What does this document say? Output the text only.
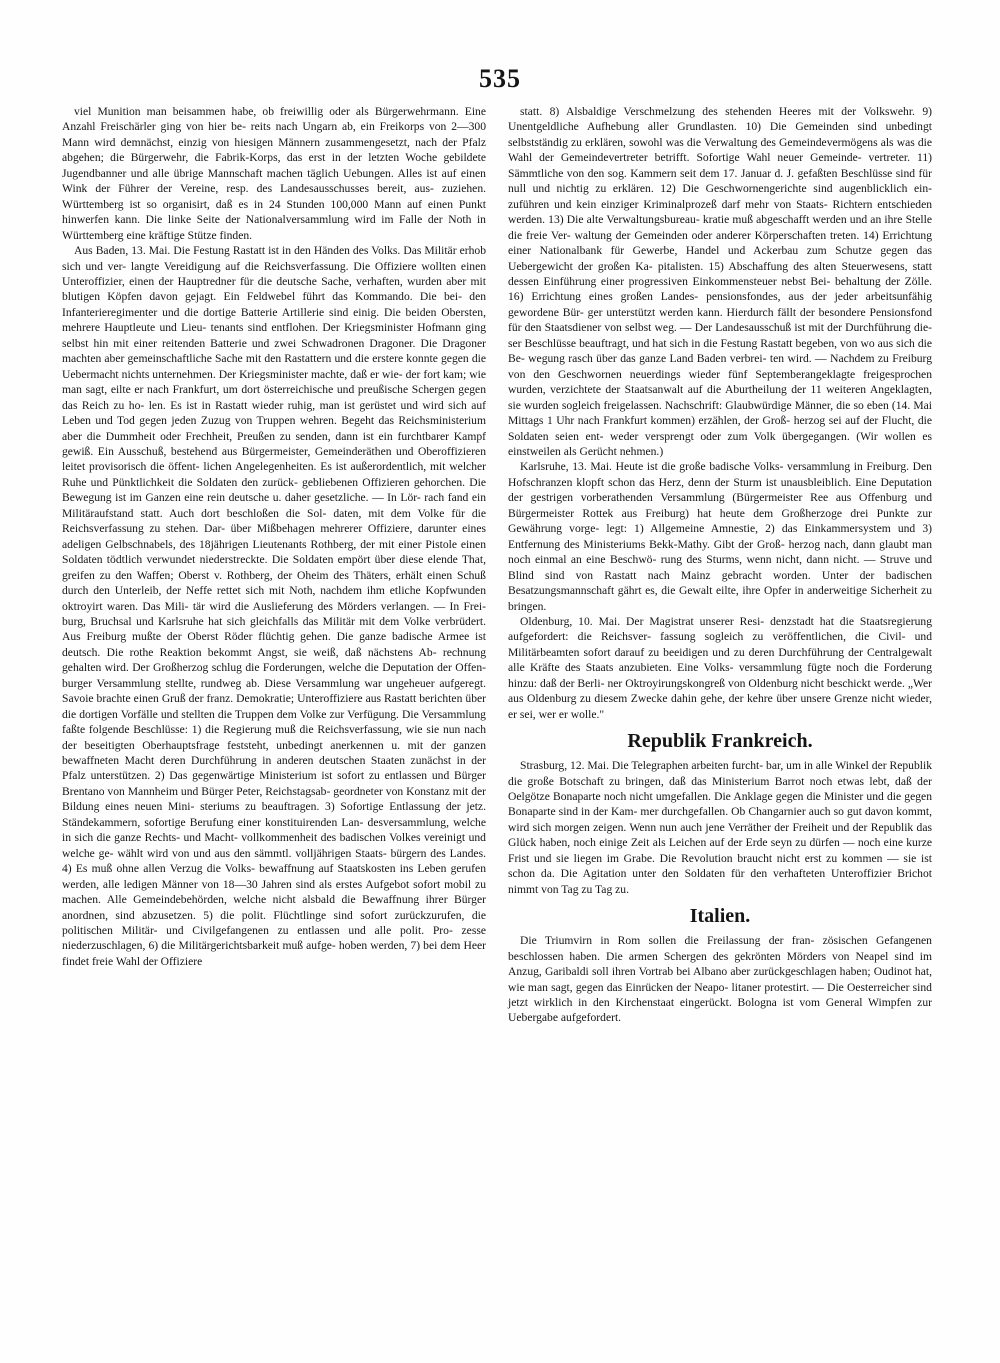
535

viel Munition man beisammen habe, ob freiwillig oder als Bürgerwehrmann. Eine Anzahl Freischärler ging von hier be- reits nach Ungarn ab, ein Freikorps von 2—300 Mann wird demnächst, einzig von hiesigen Männern zusammengesetzt, nach der Pfalz abgehen; die Bürgerwehr, die Fabrik-Korps, das erst in der letzten Woche gebildete Jugendbanner und alle übrige Mannschaft machen täglich Uebungen. Alles ist auf einen Wink der Führer der Vereine, resp. des Landesausschusses bereit, aus- zuziehen. Württemberg ist so organisirt, daß es in 24 Stunden 100,000 Mann auf einen Punkt hinwerfen kann. Die linke Seite der Nationalversammlung wird im Falle der Noth in Württemberg eine kräftige Stütze finden.

Aus Baden, 13. Mai. Die Festung Rastatt ist in den Händen des Volks. Das Militär erhob sich und ver- langte Vereidigung auf die Reichsverfassung. Die Offiziere wollten einen Unteroffizier, einen der Hauptredner für die deutsche Sache, verhaften, wurden aber mit blutigen Köpfen davon gejagt. Ein Feldwebel führt das Kommando. Die bei- den Infanterieregimenter und die dortige Batterie Artillerie sind einig. Die beiden Obersten, mehrere Hauptleute und Lieu- tenants sind entflohen. Der Kriegsminister Hofmann ging selbst hin mit einer reitenden Batterie und zwei Schwadronen Dragoner. Die Dragoner machten aber gemeinschaftliche Sache mit den Rastattern und die erstere konnte gegen die Uebermacht nichts unternehmen. Der Kriegsminister machte, daß er wie- der fort kam; wie man sagt, eilte er nach Frankfurt, um dort österreichische und preußische Schergen gegen das Reich zu ho- len. Es ist in Rastatt wieder ruhig, man ist gerüstet und wird sich auf Leben und Tod gegen jeden Zuzug von Truppen wehren. Begeht das Reichsministerium aber die Dummheit oder Frechheit, Preußen zu senden, dann ist ein furchtbarer Kampf gewiß. Ein Ausschuß, bestehend aus Bürgermeister, Gemeinderäthen und Oberoffizieren leitet provisorisch die öffent- lichen Angelegenheiten. Es ist außerordentlich, mit welcher Ruhe und Pünktlichkeit die Soldaten den zurück- gebliebenen Offizieren gehorchen. Die Bewegung ist im Ganzen eine rein deutsche u. daher gesetzliche. — In Lör- rach fand ein Militäraufstand statt. Auch dort beschloßen die Sol- daten, mit dem Volke für die Reichsverfassung zu stehen. Dar- über Mißbehagen mehrerer Offiziere, darunter eines adeligen Gelbschnabels, des 18jährigen Lieutenants Rothberg, der mit einer Pistole einen Soldaten tödtlich verwundet niederstreckte. Die Soldaten empört über diese elende That, greifen zu den Waffen; Oberst v. Rothberg, der Oheim des Thäters, erhält einen Schuß durch den Unterleib, der Neffe rettet sich mit Noth, nachdem ihm etliche Kopfwunden oktroyirt waren. Das Mili- tär wird die Auslieferung des Mörders verlangen. — In Frei- burg, Bruchsal und Karlsruhe hat sich gleichfalls das Militär mit dem Volke verbrüdert. Aus Freiburg mußte der Oberst Röder flüchtig gehen. Die ganze badische Armee ist deutsch. Die rothe Reaktion bekommt Angst, sie weiß, daß nächstens Ab- rechnung gehalten wird. Der Großherzog schlug die Forderungen, welche die Deputation der Offen- burger Versammlung stellte, rundweg ab. Diese Versammlung war ungeheuer aufgeregt. Savoie brachte einen Gruß der franz. Demokratie; Unteroffiziere aus Rastatt berichten über die dortigen Vorfälle und stellten die Truppen dem Volke zur Verfügung. Die Versammlung faßte folgende Beschlüsse: 1) die Regierung muß die Reichsverfassung, wie sie nun nach der beseitigten Oberhauptsfrage feststeht, unbedingt anerkennen u. mit der ganzen bewaffneten Macht deren Durchführung in anderen deutschen Staaten zunächst in der Pfalz unterstützen. 2) Das gegenwärtige Ministerium ist sofort zu entlassen und Bürger Brentano von Mannheim und Bürger Peter, Reichstagsab- geordneter von Konstanz mit der Bildung eines neuen Mini- steriums zu beauftragen. 3) Sofortige Entlassung der jetz. Ständekammern, sofortige Berufung einer konstituirenden Lan- desversammlung, welche in sich die ganze Rechts- und Macht- vollkommenheit des badischen Volkes vereinigt und welche ge- wählt wird von und aus den sämmtl. volljährigen Staats- bürgern des Landes. 4) Es muß ohne allen Verzug die Volks- bewaffnung auf Staatskosten ins Leben gerufen werden, alle ledigen Männer von 18—30 Jahren sind als erstes Aufgebot sofort mobil zu machen. Alle Gemeindebehörden, welche nicht alsbald die Bewaffnung ihrer Bürger anordnen, sind abzusetzen. 5) die polit. Flüchtlinge sind sofort zurückzurufen, die politischen Militär- und Civilgefangenen zu entlassen und alle polit. Pro- zesse niederzuschlagen, 6) die Militärgerichtsbarkeit muß aufge- hoben werden, 7) bei dem Heer findet freie Wahl der Offiziere

statt. 8) Alsbaldige Verschmelzung des stehenden Heeres mit der Volkswehr. 9) Unentgeldliche Aufhebung aller Grundlasten. 10) Die Gemeinden sind unbedingt selbstständig zu erklären, sowohl was die Verwaltung des Gemeindevermögens als was die Wahl der Gemeindevertreter betrifft. Sofortige Wahl neuer Gemeinde- vertreter. 11) Sämmtliche von den sog. Kammern seit dem 17. Januar d. J. gefaßten Beschlüsse sind für null und nichtig zu erklären. 12) Die Geschwornengerichte sind augenblicklich ein- zuführen und kein einziger Kriminalprozeß darf mehr von Staats- Richtern entschieden werden. 13) Die alte Verwaltungsbureau- kratie muß abgeschafft werden und an ihre Stelle die freie Ver- waltung der Gemeinden oder anderer Körperschaften treten. 14) Errichtung einer Nationalbank für Gewerbe, Handel und Ackerbau zum Schutze gegen das Uebergewicht der großen Ka- pitalisten. 15) Abschaffung des alten Steuerwesens, statt dessen Einführung einer progressiven Einkommensteuer nebst Bei- behaltung der Zölle. 16) Errichtung eines großen Landes- pensionsfondes, aus der jeder arbeitsunfähig gewordene Bür- ger unterstützt werden kann. Hierdurch fällt der besondere Pensionsfond für den Staatsdiener von selbst weg. — Der Landesausschuß ist mit der Durchführung die- ser Beschlüsse beauftragt, und hat sich in die Festung Rastatt begeben, von wo aus sich die Be- wegung rasch über das ganze Land Baden verbrei- ten wird. — Nachdem zu Freiburg von den Geschwornen neuerdings wieder fünf Septemberangeklagte freigesprochen wurden, verzichtete der Staatsanwalt auf die Aburtheilung der 11 weiteren Angeklagten, sie wurden sogleich freigelassen. Nachschrift: Glaubwürdige Männer, die so eben (14. Mai Mittags 1 Uhr nach Frankfurt kommen) erzählen, der Groß- herzog sei auf der Flucht, die Soldaten seien ent- weder versprengt oder zum Volk übergegangen. (Wir wollen es einstweilen als Gerücht nehmen.)

Karlsruhe, 13. Mai. Heute ist die große badische Volks- versammlung in Freiburg. Den Hofschranzen klopft schon das Herz, denn der Sturm ist unausbleiblich. Eine Deputation der gestrigen vorberathenden Versammlung (Bürgermeister Ree aus Offenburg und Bürgermeister Rottek aus Freiburg) hat heute dem Großherzoge drei Punkte zur Gewährung vorge- legt: 1) Allgemeine Amnestie, 2) das Einkammersystem und 3) Entfernung des Ministeriums Bekk-Mathy. Gibt der Groß- herzog nach, dann glaubt man noch einmal an eine Beschwö- rung des Sturms, wenn nicht, dann nicht. — Struve und Blind sind von Rastatt nach Mainz gebracht worden. Unter der badischen Besatzungsmannschaft gährt es, die Gewalt eilte, ihre Opfer in anderweitige Sicherheit zu bringen.

Oldenburg, 10. Mai. Der Magistrat unserer Resi- denzstadt hat die Staatsregierung aufgefordert: die Reichsver- fassung sogleich zu veröffentlichen, die Civil- und Militärbeamten sofort darauf zu beeidigen und zu deren Durchführung der Centralgewalt alle Kräfte des Staats anzubieten. Eine Volks- versammlung fügte noch die Forderung hinzu: daß der Berli- ner Oktroyirungskongreß von Oldenburg nicht beschickt werde. „Wer aus Oldenburg zu diesem Zwecke dahin gehe, der kehre über unsere Grenze nicht wieder, er sei, wer er wolle."

Republik Frankreich.

Strasburg, 12. Mai. Die Telegraphen arbeiten furcht- bar, um in alle Winkel der Republik die große Botschaft zu bringen, daß das Ministerium Barrot noch etwas lebt, daß der Oelgötze Bonaparte noch nicht umgefallen. Die Anklage gegen die Minister und die gegen Bonaparte sind in der Kam- mer durchgefallen. Ob Changarnier auch so gut davon kommt, wird sich morgen zeigen. Wenn nun auch jene Verräther der Freiheit und der Republik das Glück haben, noch einige Zeit als Leichen auf der Erde seyn zu dürfen — noch eine kurze Frist und sie liegen im Grabe. Die Revolution braucht nicht erst zu kommen — sie ist schon da. Die Agitation unter den Soldaten für den verhafteten Unteroffizier Brichot nimmt von Tag zu Tag zu.

Italien.

Die Triumvirn in Rom sollen die Freilassung der fran- zösischen Gefangenen beschlossen haben. Die armen Schergen des gekrönten Mörders von Neapel sind im Anzug, Garibaldi soll ihren Vortrab bei Albano aber zurückgeschlagen haben; Oudinot hat, wie man sagt, gegen das Einrücken der Neapo- litaner protestirt. — Die Oesterreicher sind jetzt wirklich in den Kirchenstaat eingerückt. Bologna ist vom General Wimpfen zur Uebergabe aufgefordert.
